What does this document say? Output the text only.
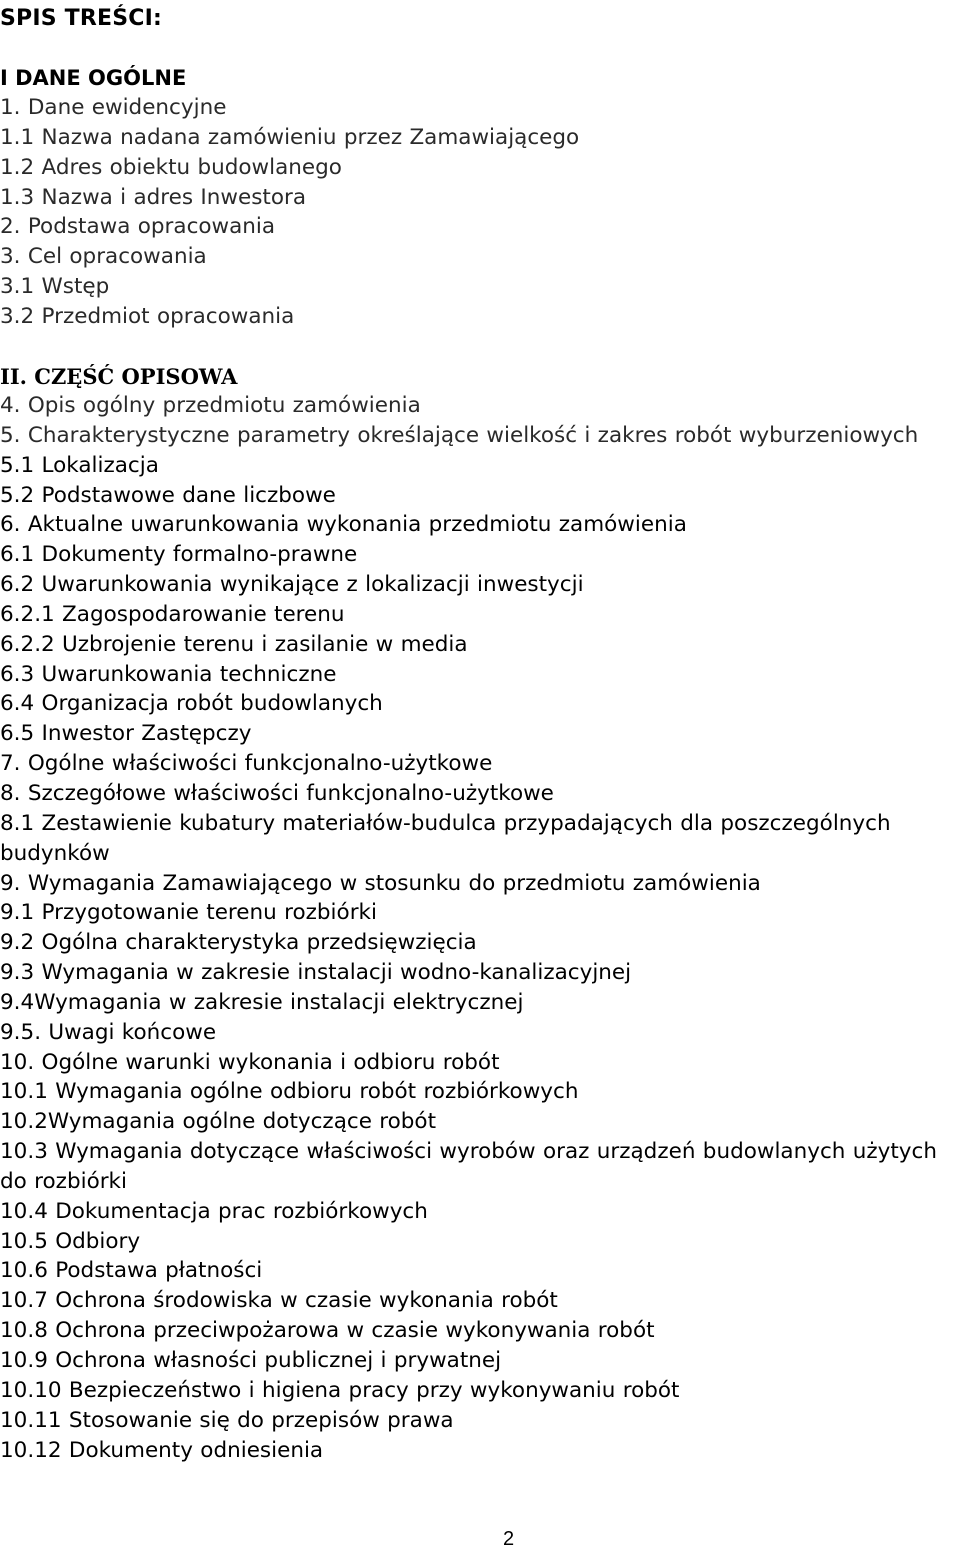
SPIS TREŚCI:
I DANE OGÓLNE
1. Dane ewidencyjne
1.1 Nazwa nadana zamówieniu przez Zamawiającego
1.2 Adres obiektu budowlanego
1.3 Nazwa i adres Inwestora
2. Podstawa opracowania
3. Cel opracowania
3.1 Wstęp
3.2 Przedmiot opracowania
II. CZĘŚĆ OPISOWA
4. Opis ogólny przedmiotu zamówienia
5. Charakterystyczne parametry określające wielkość i zakres robót wyburzeniowych
5.1 Lokalizacja
5.2 Podstawowe dane liczbowe
6. Aktualne uwarunkowania wykonania przedmiotu zamówienia
6.1 Dokumenty formalno-prawne
6.2 Uwarunkowania wynikające z lokalizacji inwestycji
6.2.1 Zagospodarowanie terenu
6.2.2 Uzbrojenie terenu i zasilanie w media
6.3 Uwarunkowania techniczne
6.4 Organizacja robót budowlanych
6.5 Inwestor Zastępczy
7. Ogólne właściwości funkcjonalno-użytkowe
8. Szczegółowe właściwości funkcjonalno-użytkowe
8.1 Zestawienie kubatury materiałów-budulca przypadających dla poszczególnych budynków
9. Wymagania Zamawiającego w stosunku do przedmiotu zamówienia
9.1 Przygotowanie terenu rozbiórki
9.2 Ogólna charakterystyka przedsięwzięcia
9.3 Wymagania w zakresie instalacji wodno-kanalizacyjnej
9.4Wymagania w zakresie instalacji elektrycznej
9.5. Uwagi końcowe
10. Ogólne warunki wykonania i odbioru robót
10.1 Wymagania ogólne odbioru robót rozbiórkowych
10.2Wymagania ogólne dotyczące robót
10.3 Wymagania dotyczące właściwości wyrobów oraz urządzeń budowlanych użytych do rozbiórki
10.4 Dokumentacja prac rozbiórkowych
10.5 Odbiory
10.6 Podstawa płatności
10.7 Ochrona środowiska w czasie wykonania robót
10.8 Ochrona przeciwpożarowa w czasie wykonywania robót
10.9 Ochrona własności publicznej i prywatnej
10.10 Bezpieczeństwo i higiena pracy przy wykonywaniu robót
10.11 Stosowanie się do przepisów prawa
10.12 Dokumenty odniesienia
2
